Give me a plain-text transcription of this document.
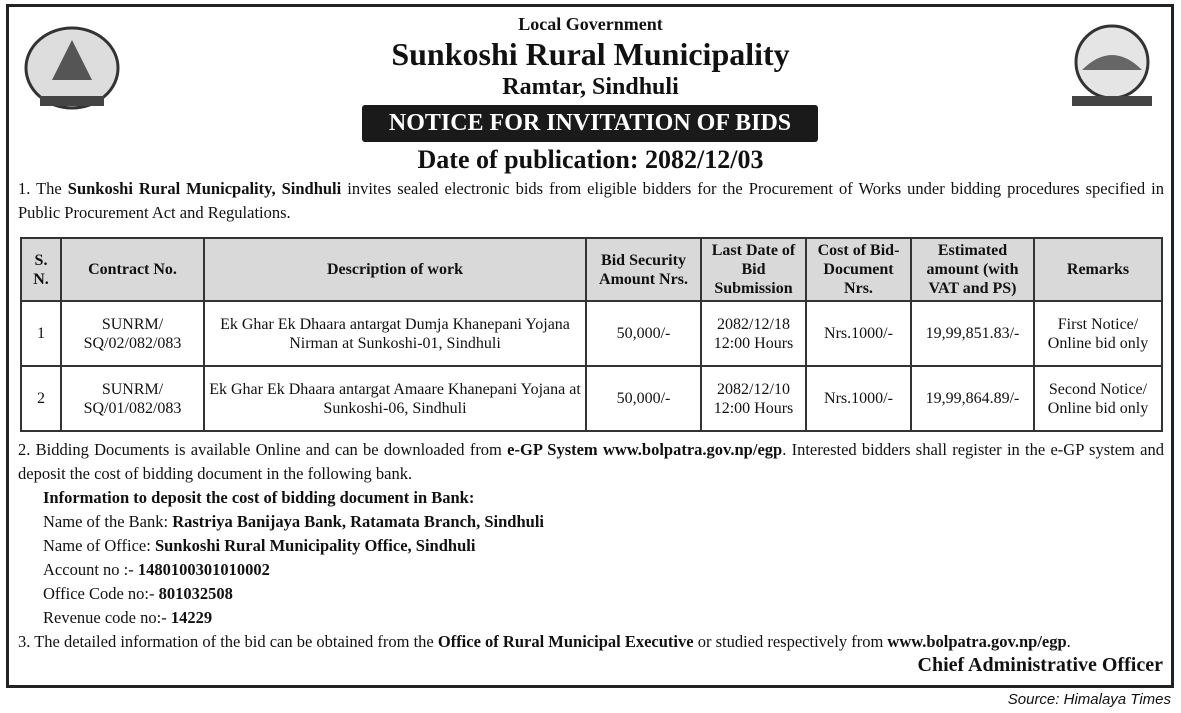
Local Government
Sunkoshi Rural Municipality
Ramtar, Sindhuli
NOTICE FOR INVITATION OF BIDS
Date of publication: 2082/12/03
1. The Sunkoshi Rural Municpality, Sindhuli invites sealed electronic bids from eligible bidders for the Procurement of Works under bidding procedures specified in Public Procurement Act and Regulations.
S. N.	Contract No.	Description of work	Bid Security Amount Nrs.	Last Date of Bid Submission	Cost of Bid- Document Nrs.	Estimated amount (with VAT and PS)	Remarks
1	SUNRM/ SQ/02/082/083	Ek Ghar Ek Dhaara antargat Dumja Khanepani Yojana Nirman at Sunkoshi-01, Sindhuli	50,000/-	2082/12/18 12:00 Hours	Nrs.1000/-	19,99,851.83/-	First Notice/ Online bid only
2	SUNRM/ SQ/01/082/083	Ek Ghar Ek Dhaara antargat Amaare Khanepani Yojana at Sunkoshi-06, Sindhuli	50,000/-	2082/12/10 12:00 Hours	Nrs.1000/-	19,99,864.89/-	Second Notice/ Online bid only
2. Bidding Documents is available Online and can be downloaded from e-GP System www.bolpatra.gov.np/egp. Interested bidders shall register in the e-GP system and deposit the cost of bidding document in the following bank.
Information to deposit the cost of bidding document in Bank:
Name of the Bank: Rastriya Banijaya Bank, Ratamata Branch, Sindhuli
Name of Office: Sunkoshi Rural Municipality Office, Sindhuli
Account no :- 1480100301010002
Office Code no:- 801032508
Revenue code no:- 14229
3. The detailed information of the bid can be obtained from the Office of Rural Municipal Executive or studied respectively from www.bolpatra.gov.np/egp.
Chief Administrative Officer
Source: Himalaya Times
